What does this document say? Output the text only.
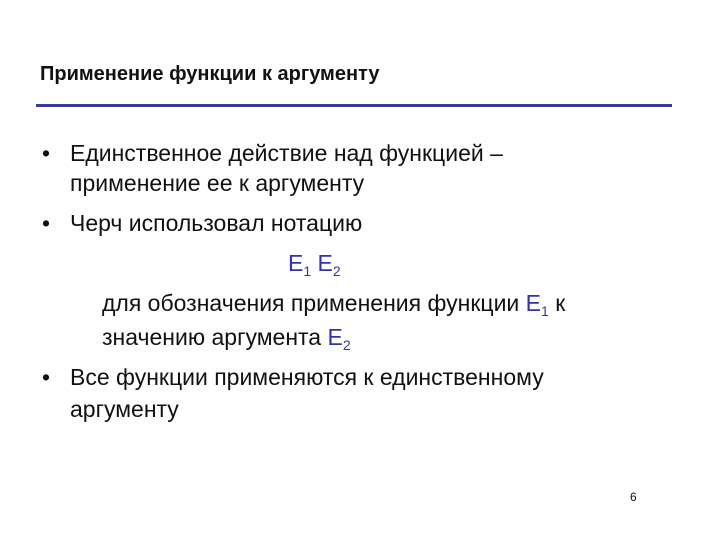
Применение функции к аргументу
• Единственное действие над функцией –
применение ее к аргументу
• Черч использовал нотацию
$E_1$ $E_2$
для обозначения применения функции $E_1$ к
значению аргумента $E_2$
• Все функции применяются к единственному
аргументу
6
